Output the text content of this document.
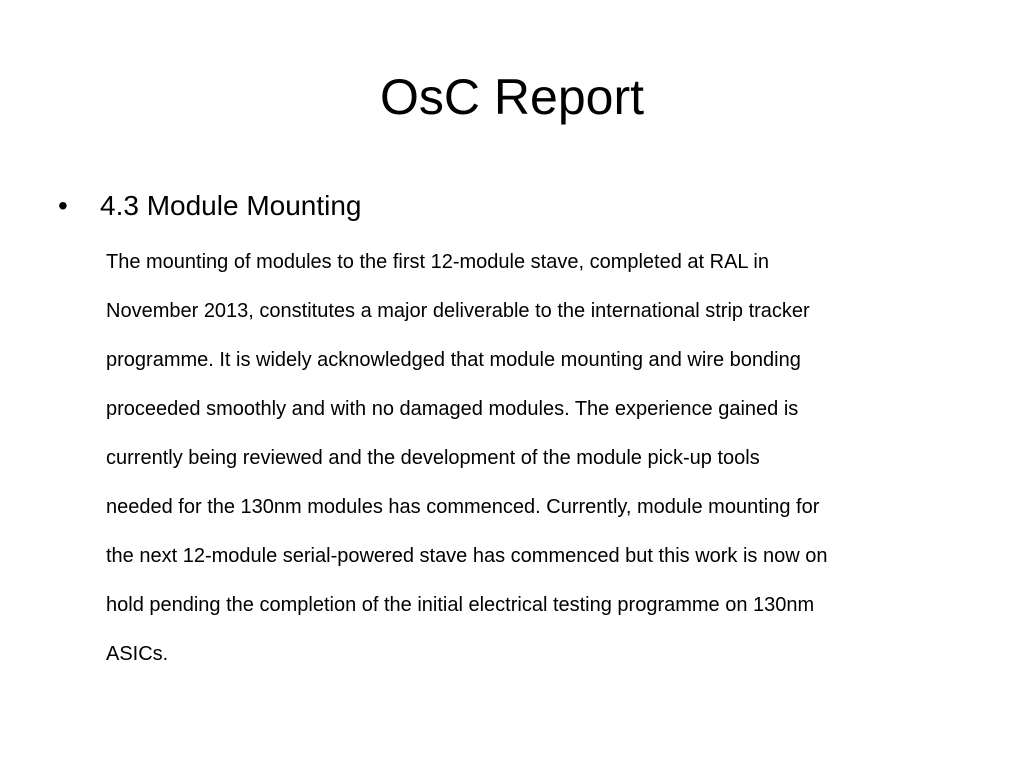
OsC Report
• 4.3 Module Mounting
The mounting of modules to the first 12-module stave, completed at RAL in
November 2013, constitutes a major deliverable to the international strip tracker
programme. It is widely acknowledged that module mounting and wire bonding
proceeded smoothly and with no damaged modules. The experience gained is
currently being reviewed and the development of the module pick-up tools
needed for the 130nm modules has commenced. Currently, module mounting for
the next 12-module serial-powered stave has commenced but this work is now on
hold pending the completion of the initial electrical testing programme on 130nm
ASICs.
